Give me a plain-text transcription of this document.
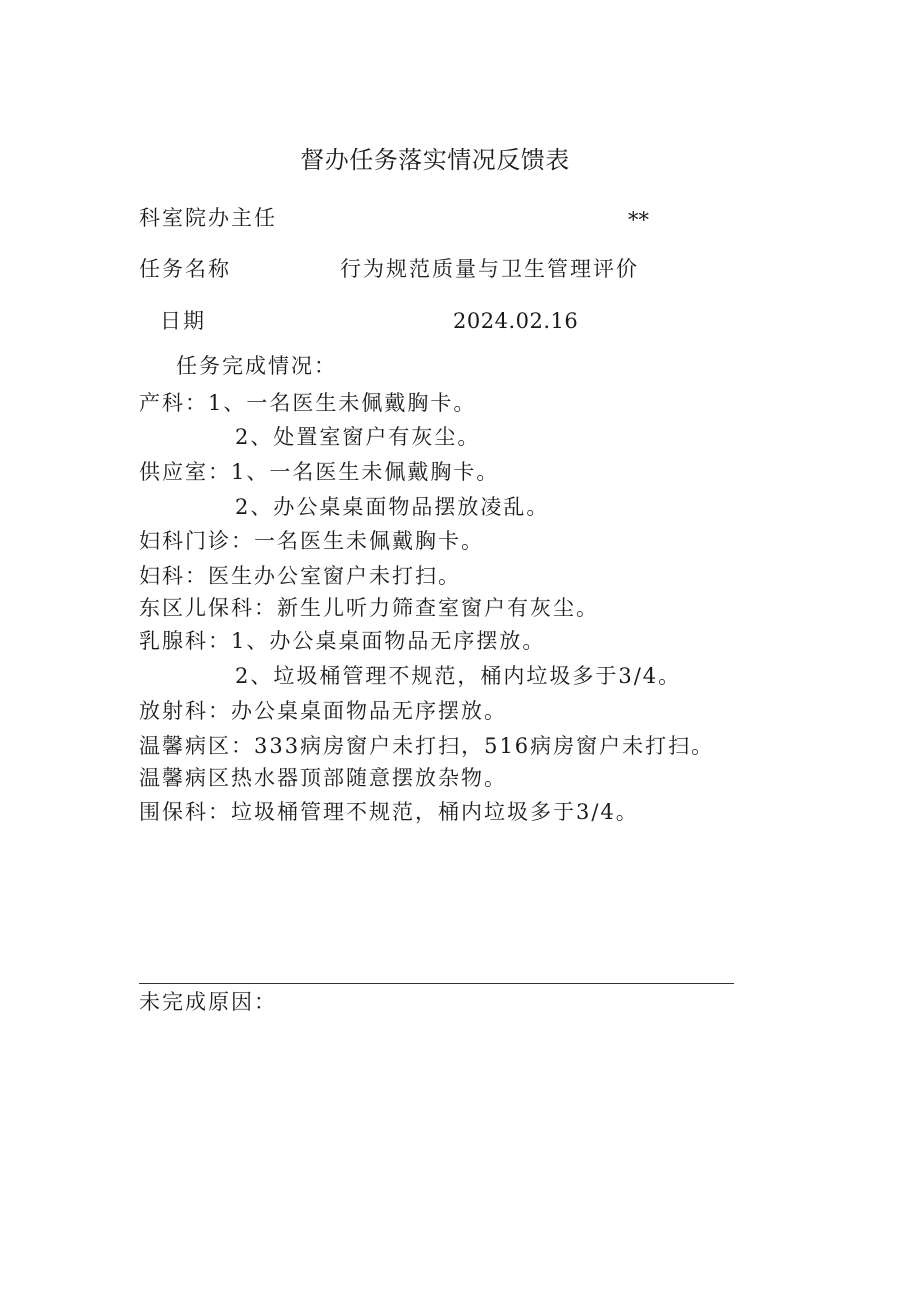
督办任务落实情况反馈表
科室院办主任	**
任务名称	行为规范质量与卫生管理评价
日期	2024.02.16
任务完成情况：
产科：1、一名医生未佩戴胸卡。
2、处置室窗户有灰尘。
供应室：1、一名医生未佩戴胸卡。
2、办公桌桌面物品摆放凌乱。
妇科门诊：一名医生未佩戴胸卡。
妇科：医生办公室窗户未打扫。
东区儿保科：新生儿听力筛查室窗户有灰尘。
乳腺科：1、办公桌桌面物品无序摆放。
2、垃圾桶管理不规范，桶内垃圾多于3/4。
放射科：办公桌桌面物品无序摆放。
温馨病区：333病房窗户未打扫，516病房窗户未打扫。
温馨病区热水器顶部随意摆放杂物。
围保科：垃圾桶管理不规范，桶内垃圾多于3/4。
未完成原因：
